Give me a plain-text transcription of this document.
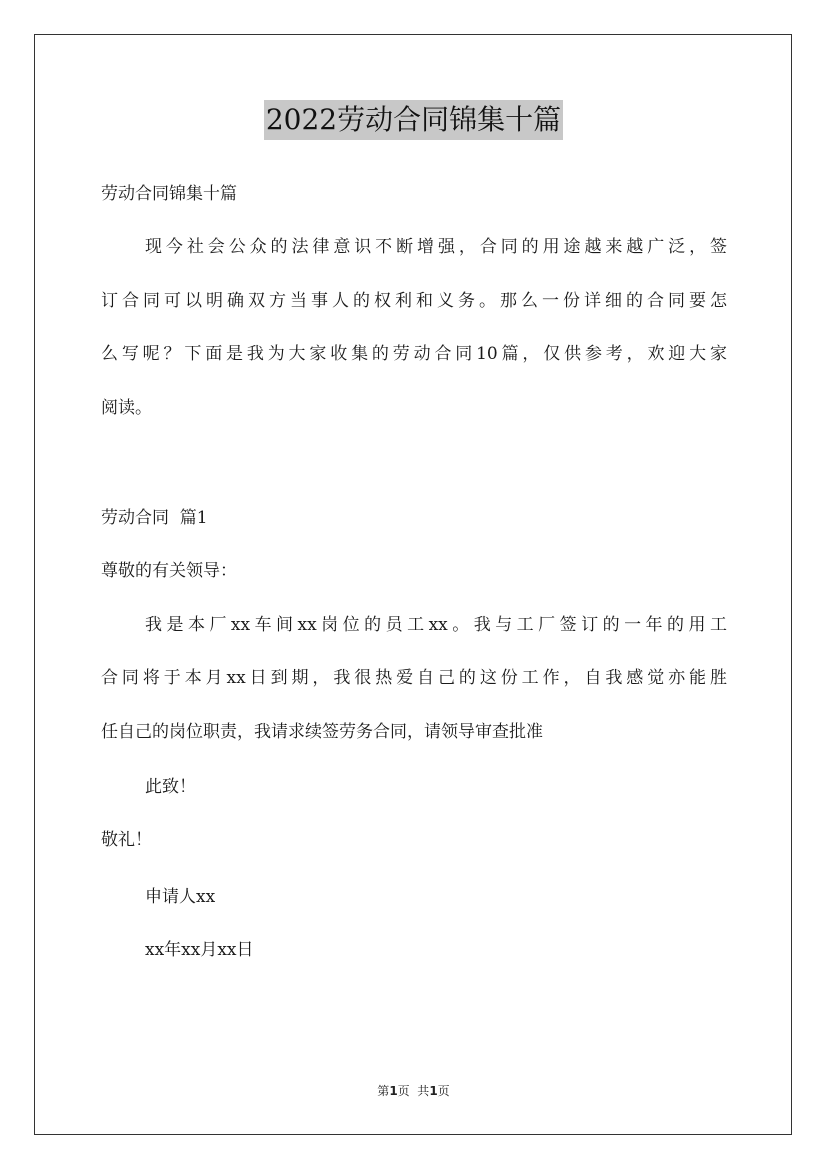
2022劳动合同锦集十篇
劳动合同锦集十篇
现今社会公众的法律意识不断增强，合同的用途越来越广泛，签
订合同可以明确双方当事人的权利和义务。那么一份详细的合同要怎
么写呢？下面是我为大家收集的劳动合同10篇，仅供参考，欢迎大家
阅读。
劳动合同  篇1
尊敬的有关领导：
我是本厂xx车间xx岗位的员工xx。我与工厂签订的一年的用工
合同将于本月xx日到期，我很热爱自己的这份工作，自我感觉亦能胜
任自己的岗位职责，我请求续签劳务合同，请领导审查批准
此致！
敬礼！
申请人xx
xx年xx月xx日
第1页  共1页
